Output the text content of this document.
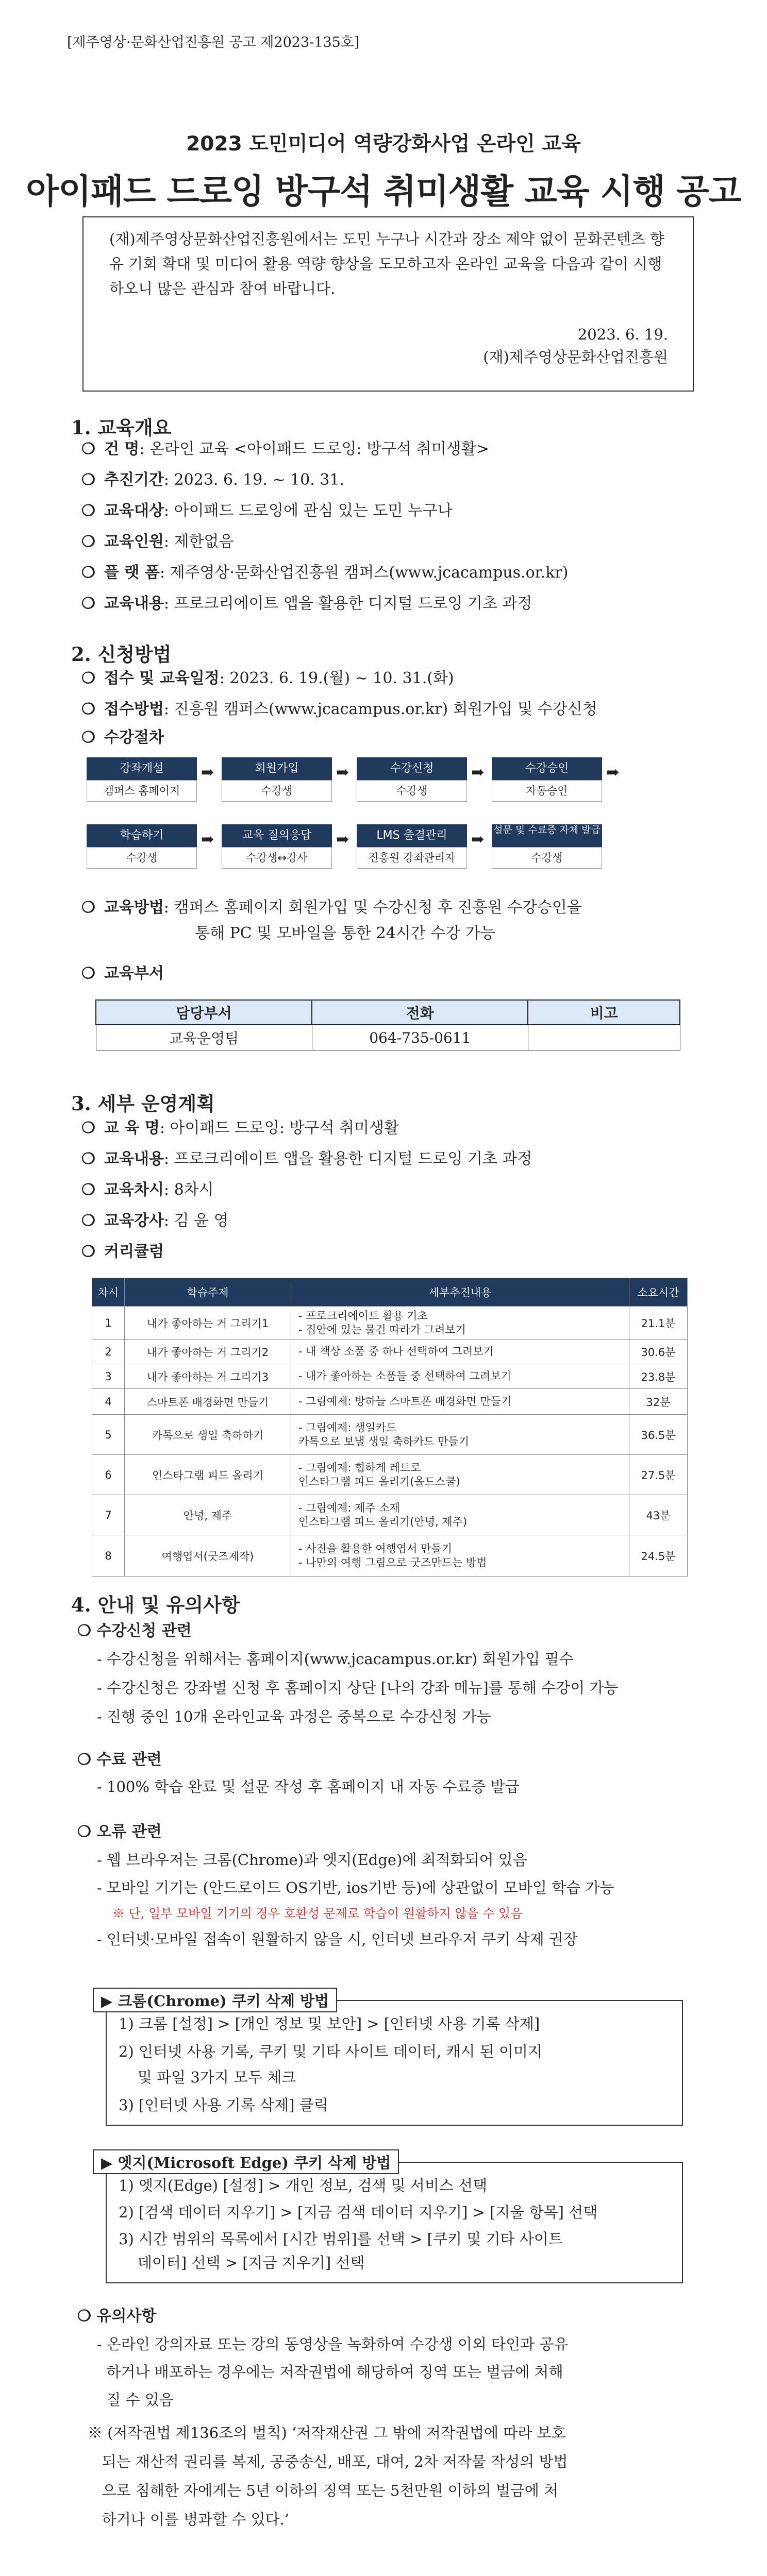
[제주영상·문화산업진흥원 공고 제2023-135호]
2023 도민미디어 역량강화사업 온라인 교육
아이패드 드로잉 방구석 취미생활 교육 시행 공고
(재)제주영상문화산업진흥원에서는 도민 누구나 시간과 장소 제약 없이 문화콘텐츠 향유 기회 확대 및 미디어 활용 역량 향상을 도모하고자 온라인 교육을 다음과 같이 시행하오니 많은 관심과 참여 바랍니다.
2023. 6. 19.
(재)제주영상문화산업진흥원
1. 교육개요
❍ 건 명: 온라인 교육 <아이패드 드로잉: 방구석 취미생활>
❍ 추진기간: 2023. 6. 19. ~ 10. 31.
❍ 교육대상: 아이패드 드로잉에 관심 있는 도민 누구나
❍ 교육인원: 제한없음
❍ 플 랫 폼: 제주영상·문화산업진흥원 캠퍼스(www.jcacampus.or.kr)
❍ 교육내용: 프로크리에이트 앱을 활용한 디지털 드로잉 기초 과정
2. 신청방법
❍ 접수 및 교육일정: 2023. 6. 19.(월) ~ 10. 31.(화)
❍ 접수방법: 진흥원 캠퍼스(www.jcacampus.or.kr) 회원가입 및 수강신청
❍ 수강절차
강좌개설
캠퍼스 홈페이지
➡	회원가입
수강생
➡	수강신청
수강생
➡	수강승인
자동승인
➡
학습하기
수강생
➡	교육 질의응답
수강생↔강사
➡	LMS 출결관리
진흥원 강좌관리자
➡
설문 및 수료증 자체 발급
수강생
❍ 교육방법: 캠퍼스 홈페이지 회원가입 및 수강신청 후 진흥원 수강승인을
통해 PC 및 모바일을 통한 24시간 수강 가능
❍ 교육부서
담당부서	전화	비고
교육운영팀	064-735-0611	
3. 세부 운영계획
❍ 교 육 명: 아이패드 드로잉: 방구석 취미생활
❍ 교육내용: 프로크리에이트 앱을 활용한 디지털 드로잉 기초 과정
❍ 교육차시: 8차시
❍ 교육강사: 김 윤 영
❍ 커리큘럼
차시	학습주제	세부추진내용	소요시간
1	내가 좋아하는 거 그리기1	- 프로크리에이트 활용 기초
- 집안에 있는 물건 따라가 그려보기	21.1분
2	내가 좋아하는 거 그리기2	- 내 책상 소품 중 하나 선택하여 그려보기	30.6분
3	내가 좋아하는 거 그리기3	- 내가 좋아하는 소품들 중 선택하여 그려보기	23.8분
4	스마트폰 배경화면 만들기	- 그림예제: 방하늘 스마트폰 배경화면 만들기	32분
5	카톡으로 생일 축하하기	- 그림예제: 생일카드
카톡으로 보낼 생일 축하카드 만들기	36.5분
6	인스타그램 피드 올리기	- 그림예제: 힙하게 레트로
인스타그램 피드 올리기(올드스쿨)	27.5분
7	안녕, 제주	- 그림예제: 제주 소재
인스타그램 피드 올리기(안녕, 제주)	43분
8	여행엽서(굿즈제작)	- 사진을 활용한 여행엽서 만들기
- 나만의 여행 그림으로 굿즈만드는 방법	24.5분
4. 안내 및 유의사항
❍ 수강신청 관련
- 수강신청을 위해서는 홈페이지(www.jcacampus.or.kr) 회원가입 필수
- 수강신청은 강좌별 신청 후 홈페이지 상단 [나의 강좌 메뉴]를 통해 수강이 가능
- 진행 중인 10개 온라인교육 과정은 중복으로 수강신청 가능
❍ 수료 관련
- 100% 학습 완료 및 설문 작성 후 홈페이지 내 자동 수료증 발급
❍ 오류 관련
- 웹 브라우저는 크롬(Chrome)과 엣지(Edge)에 최적화되어 있음
- 모바일 기기는 (안드로이드 OS기반, ios기반 등)에 상관없이 모바일 학습 가능
※ 단, 일부 모바일 기기의 경우 호환성 문제로 학습이 원활하지 않을 수 있음
- 인터넷·모바일 접속이 원활하지 않을 시, 인터넷 브라우저 쿠키 삭제 권장
▶ 크롬(Chrome) 쿠키 삭제 방법
1) 크롬 [설정] > [개인 정보 및 보안] > [인터넷 사용 기록 삭제]
2) 인터넷 사용 기록, 쿠키 및 기타 사이트 데이터, 캐시 된 이미지
및 파일 3가지 모두 체크
3) [인터넷 사용 기록 삭제] 클릭
▶ 엣지(Microsoft Edge) 쿠키 삭제 방법
1) 엣지(Edge) [설정] > 개인 정보, 검색 및 서비스 선택
2) [검색 데이터 지우기] > [지금 검색 데이터 지우기] > [지울 항목] 선택
3) 시간 범위의 목록에서 [시간 범위]를 선택 > [쿠키 및 기타 사이트
데이터] 선택 > [지금 지우기] 선택
❍ 유의사항
- 온라인 강의자료 또는 강의 동영상을 녹화하여 수강생 이외 타인과 공유
하거나 배포하는 경우에는 저작권법에 해당하여 징역 또는 벌금에 처해
질 수 있음
※ (저작권법 제136조의 벌칙) ‘저작재산권 그 밖에 저작권법에 따라 보호
되는 재산적 권리를 복제, 공중송신, 배포, 대여, 2차 저작물 작성의 방법
으로 침해한 자에게는 5년 이하의 징역 또는 5천만원 이하의 벌금에 처
하거나 이를 병과할 수 있다.’
